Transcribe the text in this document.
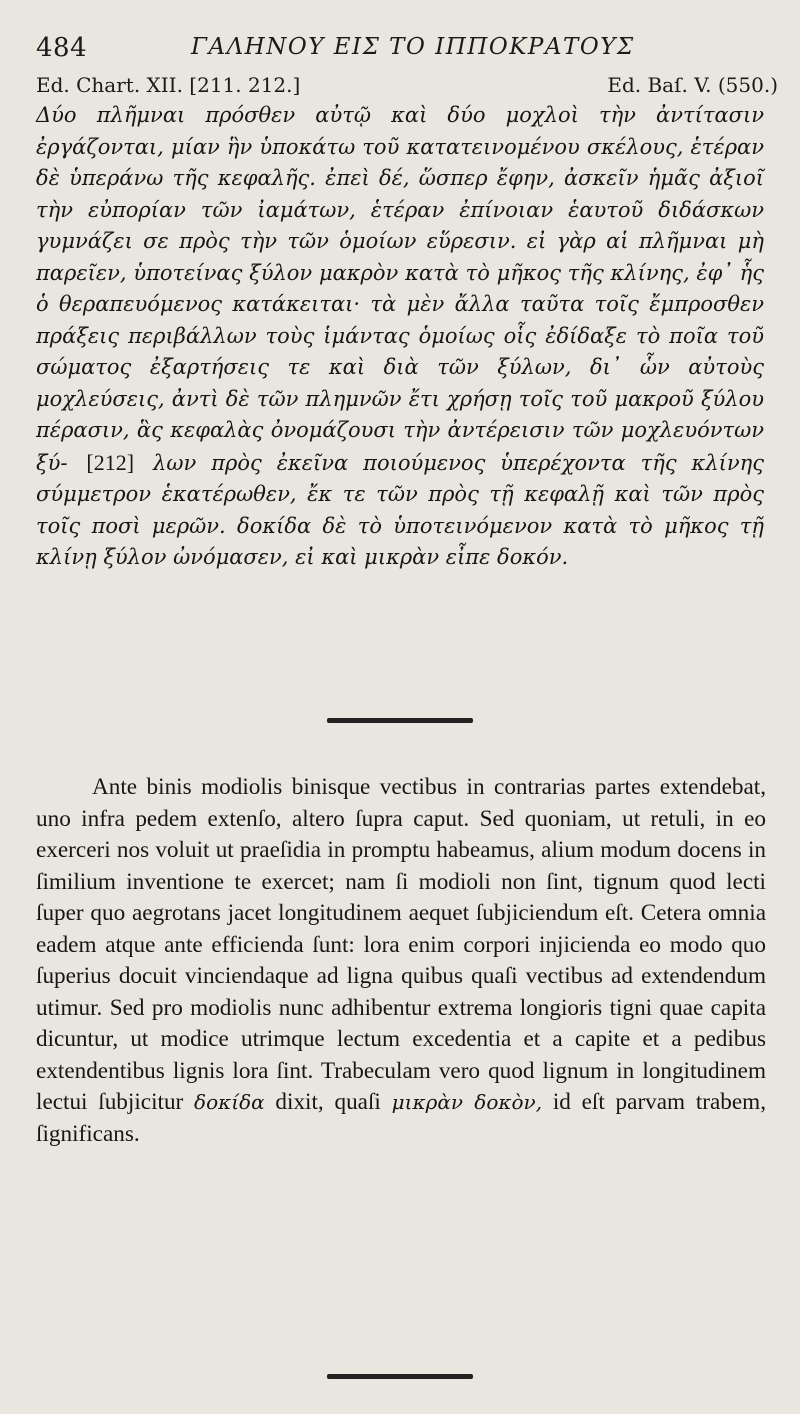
484	ΓΑΛΗΝΟΥ ΕΙΣ ΤΟ ΙΠΠΟΚΡΑΤΟΥΣ
Ed. Chart. XII. [211. 212.]	Ed. Baſ. V. (550.)
Δύο πλῆμναι πρόσθεν αὐτῷ καὶ δύο μοχλοὶ τὴν ἀντίτασιν ἐργάζονται, μίαν ἣν ὑποκάτω τοῦ κατατεινομένου σκέλους, ἑτέραν δὲ ὑπεράνω τῆς κεφαλῆς. ἐπεὶ δέ, ὥσπερ ἔφην, ἀσκεῖν ἡμᾶς ἀξιοῖ τὴν εὐπορίαν τῶν ἰαμάτων, ἑτέραν ἐπίνοιαν ἑαυτοῦ διδάσκων γυμνάζει σε πρὸς τὴν τῶν ὁμοίων εὕρεσιν. εἰ γὰρ αἱ πλῆμναι μὴ παρεῖεν, ὑποτείνας ξύλον μακρὸν κατὰ τὸ μῆκος τῆς κλίνης, ἐφ᾽ ἧς ὁ θεραπευόμενος κατάκειται· τὰ μὲν ἄλλα ταῦτα τοῖς ἔμπροσθεν πράξεις περιβάλλων τοὺς ἱμάντας ὁμοίως οἷς ἐδίδαξε τὸ ποῖα τοῦ σώματος ἐξαρτήσεις τε καὶ διὰ τῶν ξύλων, δι᾽ ὧν αὐτοὺς μοχλεύσεις, ἀντὶ δὲ τῶν πλημνῶν ἔτι χρήσῃ τοῖς τοῦ μακροῦ ξύλου πέρασιν, ἃς κεφαλὰς ὀνομάζουσι τὴν ἀντέρεισιν τῶν μοχλευόντων ξύ- [212] λων πρὸς ἐκεῖνα ποιούμενος ὑπερέχοντα τῆς κλίνης σύμμετρον ἑκατέρωθεν, ἔκ τε τῶν πρὸς τῇ κεφαλῇ καὶ τῶν πρὸς τοῖς ποσὶ μερῶν. δοκίδα δὲ τὸ ὑποτεινόμενον κατὰ τὸ μῆκος τῇ κλίνῃ ξύλον ὠνόμασεν, εἰ καὶ μικρὰν εἶπε δοκόν.
Ante binis modiolis binisque vectibus in contrarias partes extendebat, uno infra pedem extenſo, altero ſupra caput. Sed quoniam, ut retuli, in eo exerceri nos voluit ut praeſidia in promptu habeamus, alium modum docens in ſimilium inventione te exercet; nam ſi modioli non ſint, tignum quod lecti ſuper quo aegrotans jacet longitudinem aequet ſubjiciendum eſt. Cetera omnia eadem atque ante efficienda ſunt: lora enim corpori injicienda eo modo quo ſuperius docuit vinciendaque ad ligna quibus quaſi vectibus ad extendendum utimur. Sed pro modiolis nunc adhibentur extrema longioris tigni quae capita dicuntur, ut modice utrimque lectum excedentia et a capite et a pedibus extendentibus lignis lora ſint. Trabeculam vero quod lignum in longitudinem lectui ſubjicitur δοκίδα dixit, quaſi μικρὰν δοκὸν, id eſt parvam trabem, ſignificans.
